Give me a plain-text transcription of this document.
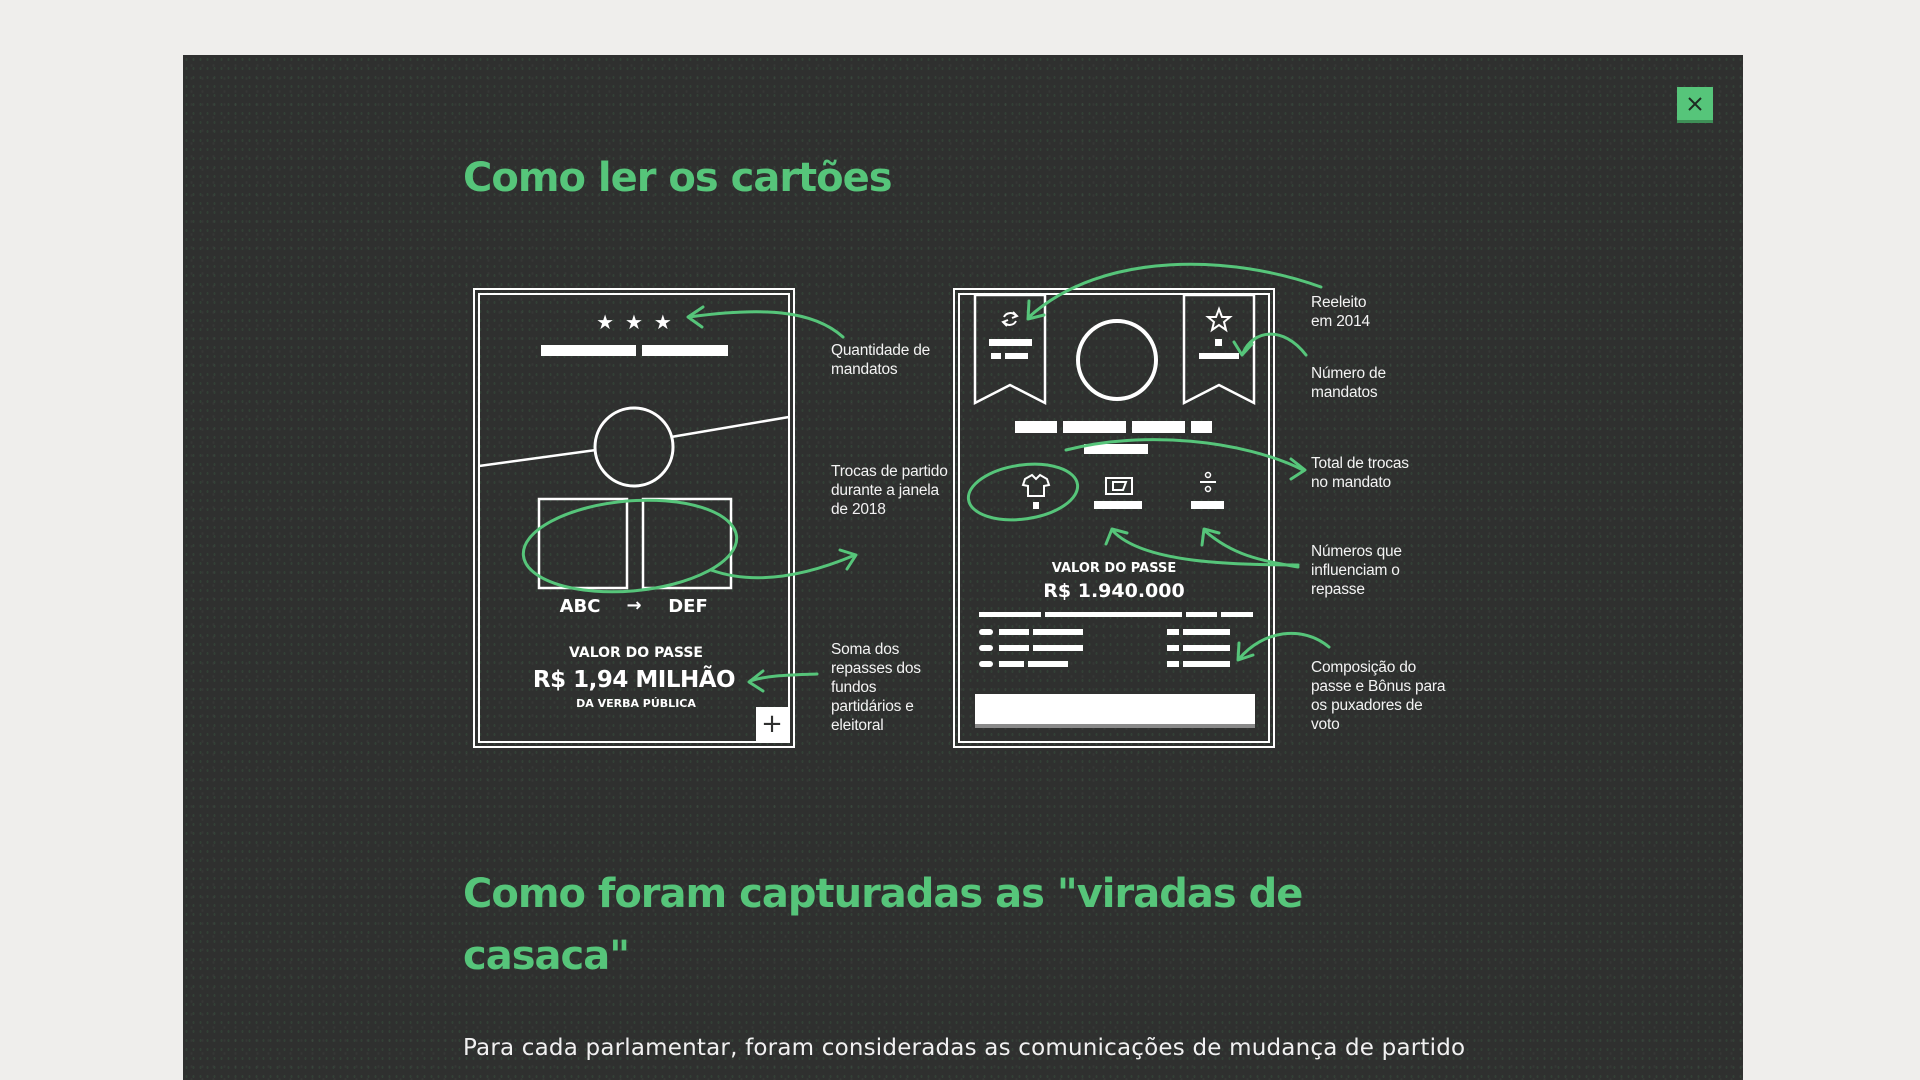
Como ler os cartões
★ ★ ★
ABC → DEF
VALOR DO PASSE
R$ 1,94 MILHÃO
DA VERBA PÚBLICA
+
VALOR DO PASSE
R$ 1.940.000
Quantidade de
mandatos
Trocas de partido
durante a janela
de 2018
Soma dos
repasses dos
fundos
partidários e
eleitoral
Reeleito
em 2014
Número de
mandatos
Total de trocas
no mandato
Números que
influenciam o
repasse
Composição do
passe e Bônus para
os puxadores de
voto
Como foram capturadas as "viradas de casaca"

Para cada parlamentar, foram consideradas as comunicações de mudança de partido
